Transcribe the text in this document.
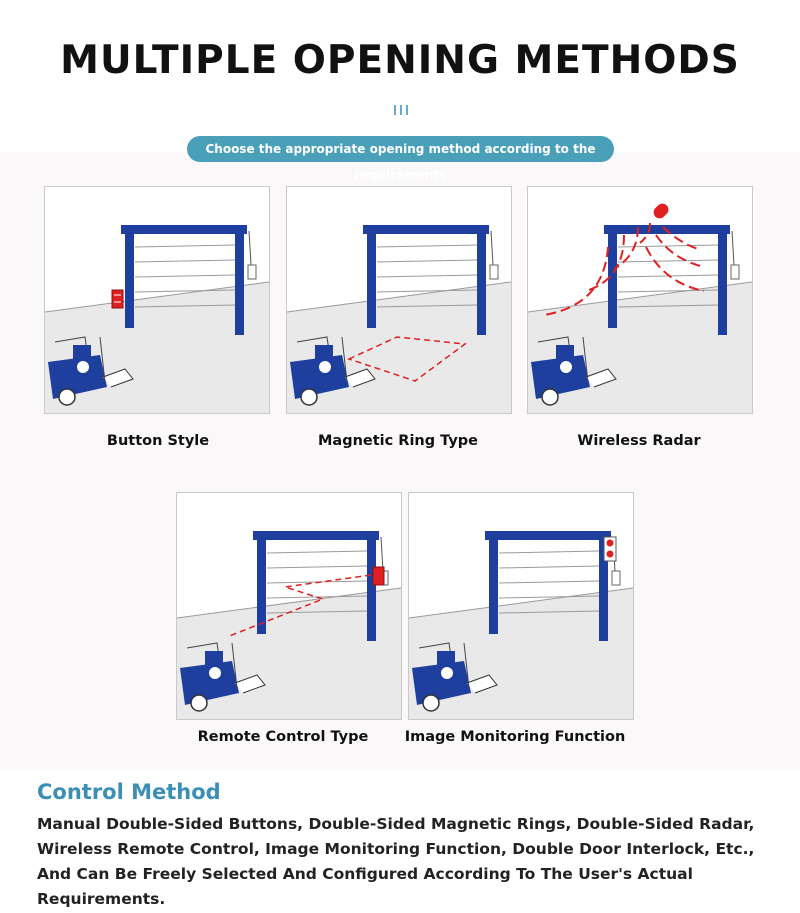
MULTIPLE OPENING METHODS
Choose the appropriate opening method according to the requirements
Button Style	Magnetic Ring Type	Wireless Radar
Remote Control Type	Image Monitoring Function
Control Method
Manual Double-Sided Buttons, Double-Sided Magnetic Rings, Double-Sided Radar, Wireless Remote Control, Image Monitoring Function, Double Door Interlock, Etc., And Can Be Freely Selected And Configured According To The User's Actual Requirements.
